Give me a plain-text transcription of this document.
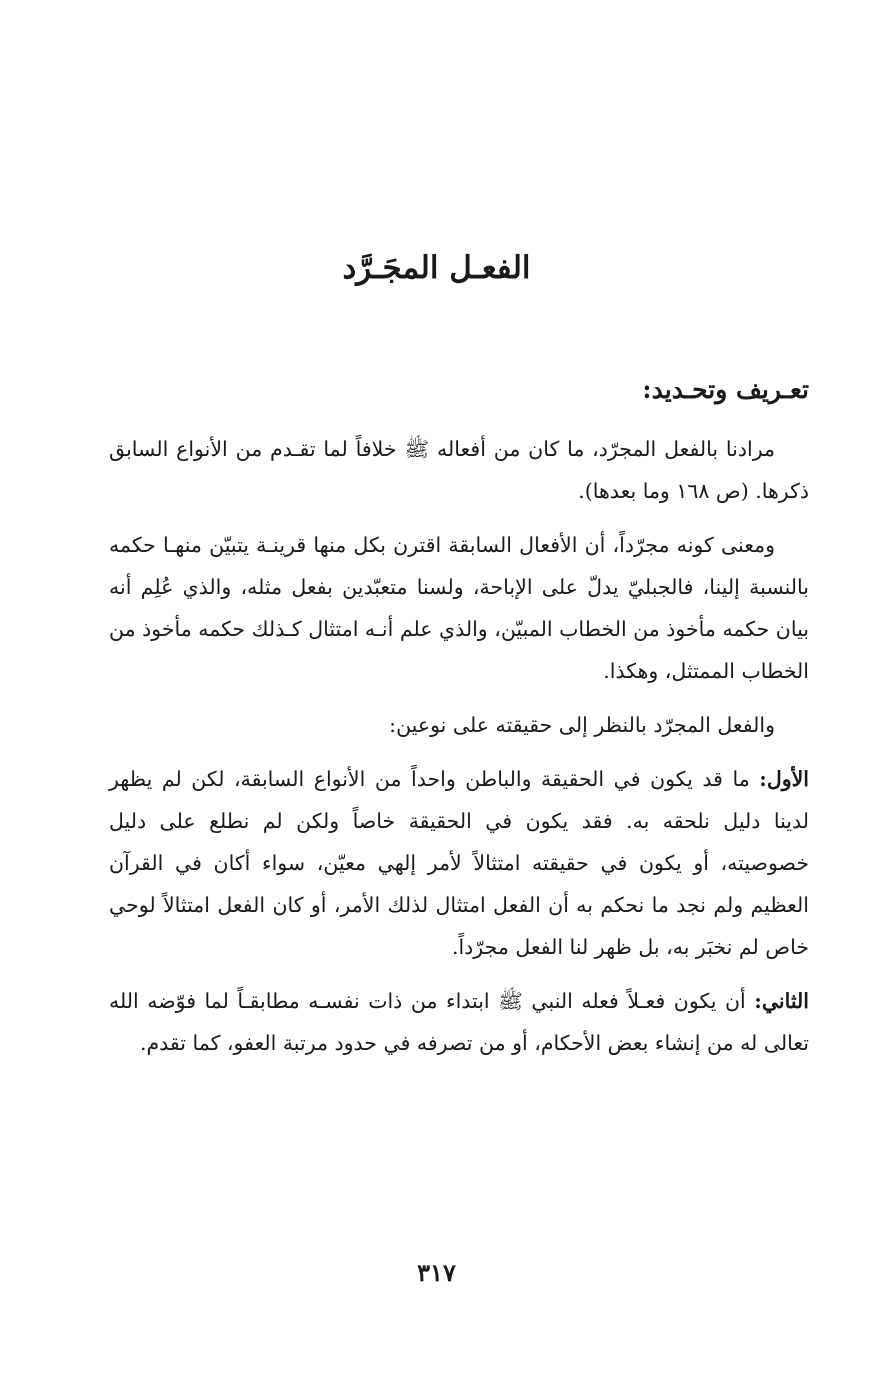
الفعـل المجَـرَّد
تعـريف وتحـديد:

مرادنا بالفعل المجرّد، ما كان من أفعاله ﷺ خلافاً لما تقـدم من الأنواع السابق ذكرها. (ص ١٦٨ وما بعدها).

ومعنى كونه مجرّداً، أن الأفعال السابقة اقترن بكل منها قرينـة يتبيّن منهـا حكمه بالنسبة إلينا، فالجبليّ يدلّ على الإباحة، ولسنا متعبّدين بفعل مثله، والذي عُلِم أنه بيان حكمه مأخوذ من الخطاب المبيّن، والذي علم أنـه امتثال كـذلك حكمه مأخوذ من الخطاب الممتثل، وهكذا.

والفعل المجرّد بالنظر إلى حقيقته على نوعين:

الأول: ما قد يكون في الحقيقة والباطن واحداً من الأنواع السابقة، لكن لم يظهر لدينا دليل نلحقه به. فقد يكون في الحقيقة خاصاً ولكن لم نطلع على دليل خصوصيته، أو يكون في حقيقته امتثالاً لأمر إلهي معيّن، سواء أكان في القرآن العظيم ولم نجد ما نحكم به أن الفعل امتثال لذلك الأمر، أو كان الفعل امتثالاً لوحي خاص لم نخبَر به، بل ظهر لنا الفعل مجرّداً.

الثاني: أن يكون فعـلاً فعله النبي ﷺ ابتداء من ذات نفسـه مطابقـاً لما فوّضه الله تعالى له من إنشاء بعض الأحكام، أو من تصرفه في حدود مرتبة العفو، كما تقدم.

٣١٧
